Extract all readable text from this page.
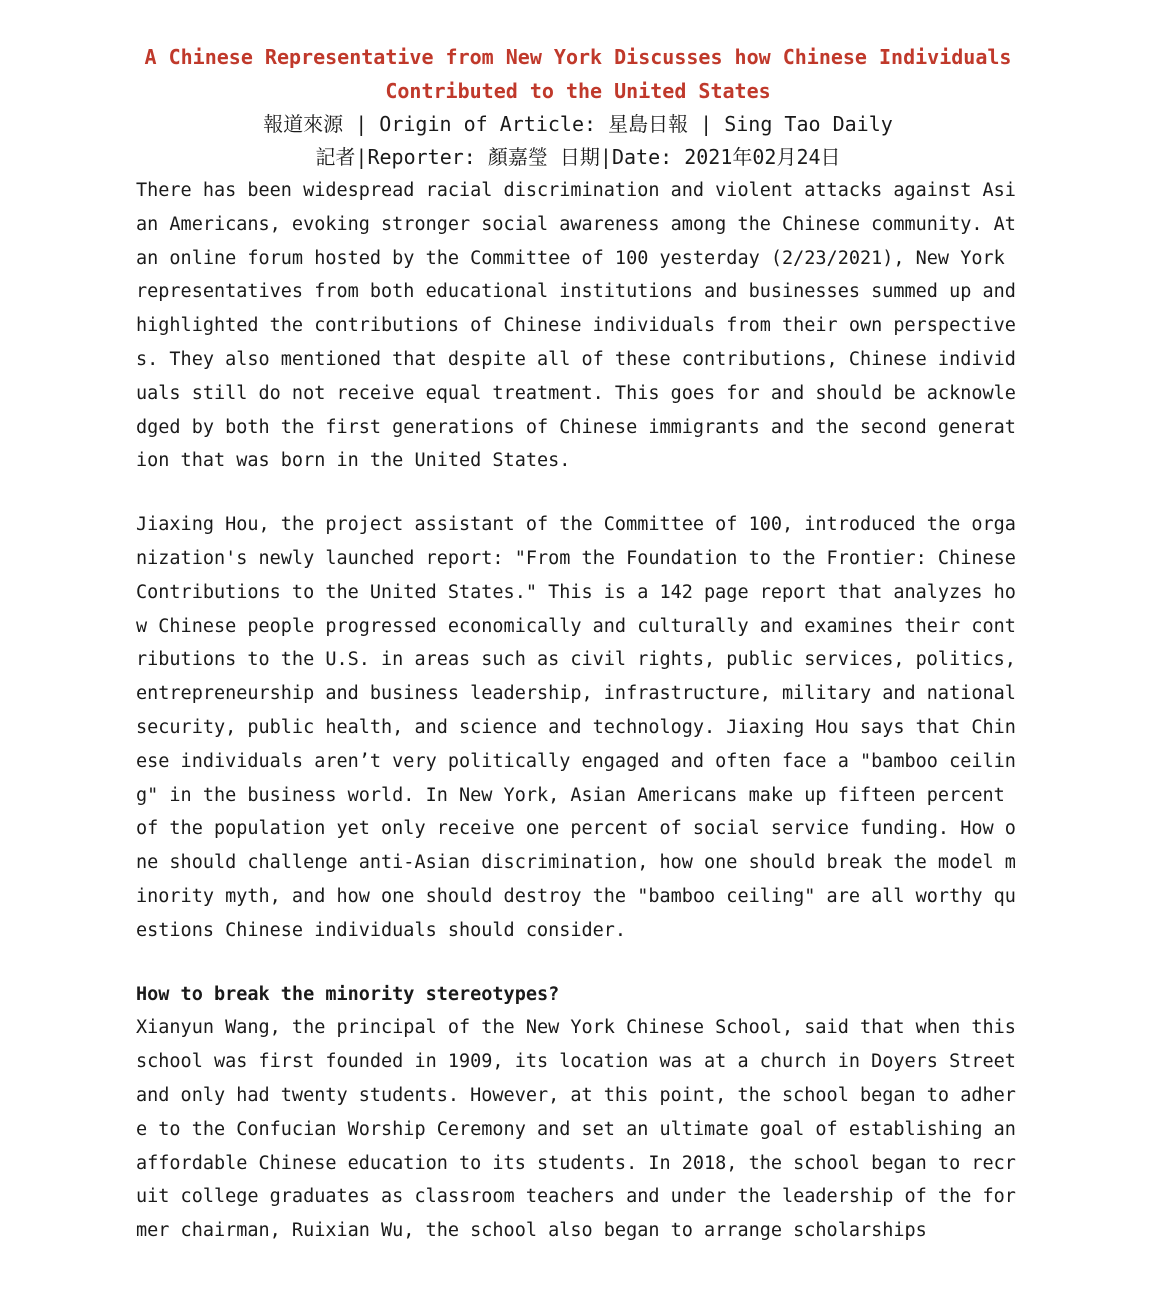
A Chinese Representative from New York Discusses how Chinese Individuals Contributed to the United States

報道來源 | Origin of Article: 星島日報 | Sing Tao Daily

記者|Reporter: 顏嘉瑩 日期|Date: 2021年02月24日

There has been widespread racial discrimination and violent attacks against Asian Americans, evoking stronger social awareness among the Chinese community. At an online forum hosted by the Committee of 100 yesterday (2/23/2021), New York representatives from both educational institutions and businesses summed up and highlighted the contributions of Chinese individuals from their own perspectives. They also mentioned that despite all of these contributions, Chinese individuals still do not receive equal treatment. This goes for and should be acknowledged by both the first generations of Chinese immigrants and the second generation that was born in the United States.

Jiaxing Hou, the project assistant of the Committee of 100, introduced the organization's newly launched report: "From the Foundation to the Frontier: Chinese Contributions to the United States." This is a 142 page report that analyzes how Chinese people progressed economically and culturally and examines their contributions to the U.S. in areas such as civil rights, public services, politics, entrepreneurship and business leadership, infrastructure, military and national security, public health, and science and technology. Jiaxing Hou says that Chinese individuals aren’t very politically engaged and often face a "bamboo ceiling" in the business world. In New York, Asian Americans make up fifteen percent of the population yet only receive one percent of social service funding. How one should challenge anti-Asian discrimination, how one should break the model minority myth, and how one should destroy the "bamboo ceiling" are all worthy questions Chinese individuals should consider.

How to break the minority stereotypes?

Xianyun Wang, the principal of the New York Chinese School, said that when this school was first founded in 1909, its location was at a church in Doyers Street and only had twenty students. However, at this point, the school began to adhere to the Confucian Worship Ceremony and set an ultimate goal of establishing an affordable Chinese education to its students. In 2018, the school began to recruit college graduates as classroom teachers and under the leadership of the former chairman, Ruixian Wu, the school also began to arrange scholarships
